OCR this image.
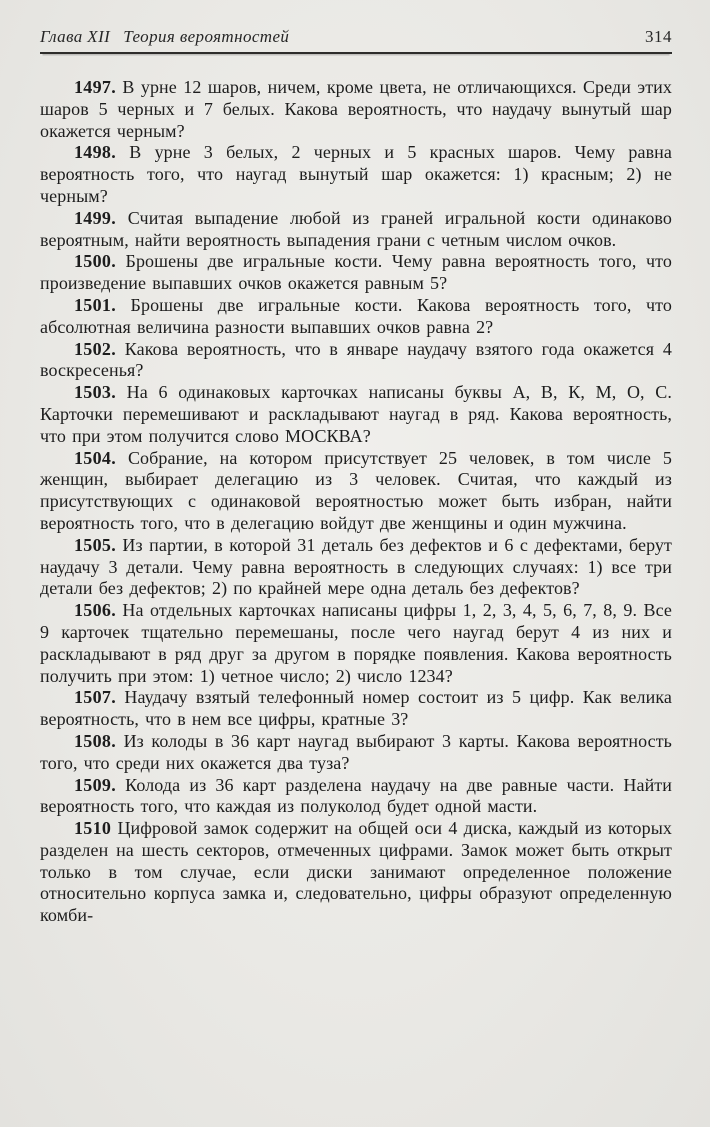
Глава XII Теория вероятностей	314

1497. В урне 12 шаров, ничем, кроме цвета, не отличающихся. Среди этих шаров 5 черных и 7 белых. Какова вероятность, что наудачу вынутый шар окажется черным?

1498. В урне 3 белых, 2 черных и 5 красных шаров. Чему равна вероятность того, что наугад вынутый шар окажется: 1) красным; 2) не черным?

1499. Считая выпадение любой из граней игральной кости одинаково вероятным, найти вероятность выпадения грани с четным числом очков.

1500. Брошены две игральные кости. Чему равна вероятность того, что произведение выпавших очков окажется равным 5?

1501. Брошены две игральные кости. Какова вероятность того, что абсолютная величина разности выпавших очков равна 2?

1502. Какова вероятность, что в январе наудачу взятого года окажется 4 воскресенья?

1503. На 6 одинаковых карточках написаны буквы А, В, К, М, О, С. Карточки перемешивают и раскладывают наугад в ряд. Какова вероятность, что при этом получится слово МОСКВА?

1504. Собрание, на котором присутствует 25 человек, в том числе 5 женщин, выбирает делегацию из 3 человек. Считая, что каждый из присутствующих с одинаковой вероятностью может быть избран, найти вероятность того, что в делегацию войдут две женщины и один мужчина.

1505. Из партии, в которой 31 деталь без дефектов и 6 с дефектами, берут наудачу 3 детали. Чему равна вероятность в следующих случаях: 1) все три детали без дефектов; 2) по крайней мере одна деталь без дефектов?

1506. На отдельных карточках написаны цифры 1, 2, 3, 4, 5, 6, 7, 8, 9. Все 9 карточек тщательно перемешаны, после чего наугад берут 4 из них и раскладывают в ряд друг за другом в порядке появления. Какова вероятность получить при этом: 1) четное число; 2) число 1234?

1507. Наудачу взятый телефонный номер состоит из 5 цифр. Как велика вероятность, что в нем все цифры, кратные 3?

1508. Из колоды в 36 карт наугад выбирают 3 карты. Какова вероятность того, что среди них окажется два туза?

1509. Колода из 36 карт разделена наудачу на две равные части. Найти вероятность того, что каждая из полуколод будет одной масти.

1510 Цифровой замок содержит на общей оси 4 диска, каждый из которых разделен на шесть секторов, отмеченных цифрами. Замок может быть открыт только в том случае, если диски занимают определенное положение относительно корпуса замка и, следовательно, цифры образуют определенную комби-
